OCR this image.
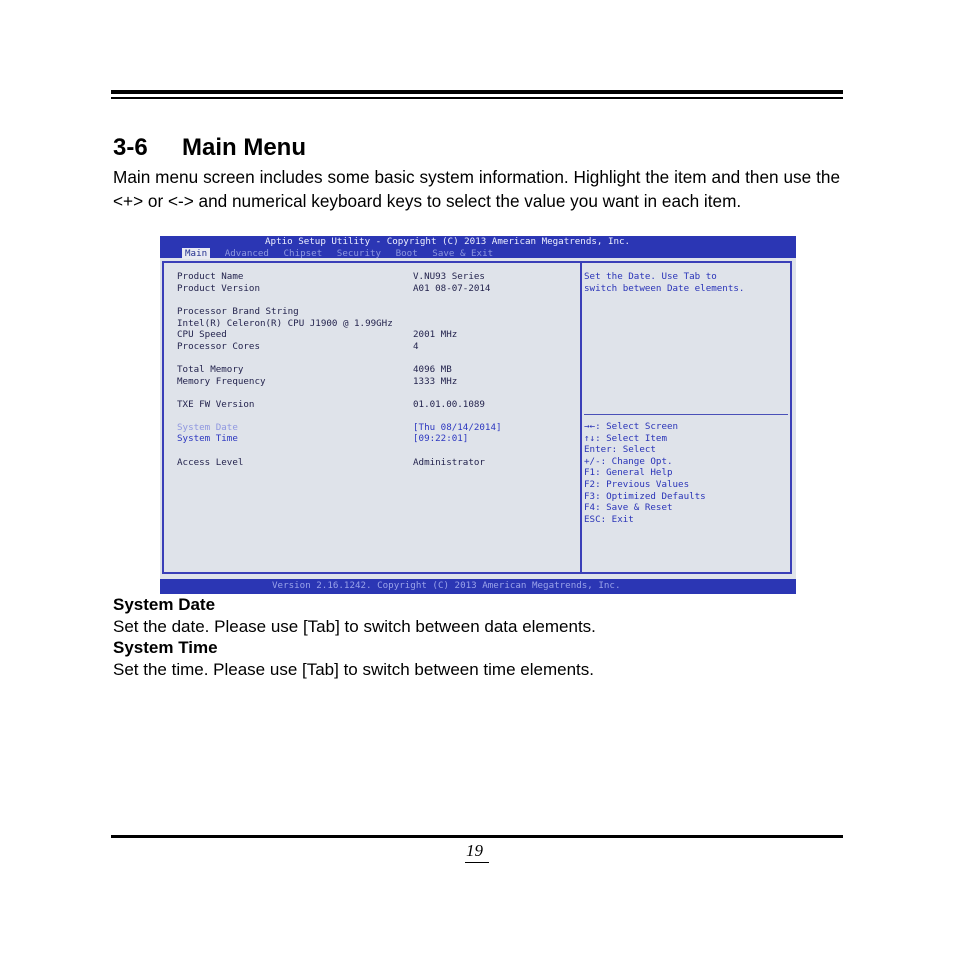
3-6 Main Menu
Main menu screen includes some basic system information. Highlight the item and then use the <+> or <-> and numerical keyboard keys to select the value you want in each item.
Aptio Setup Utility - Copyright (C) 2013 American Megatrends, Inc.
Main Advanced Chipset Security Boot Save & Exit
Product Name	V.NU93 Series
Product Version	A01 08-07-2014
Processor Brand String
Intel(R) Celeron(R) CPU J1900 @ 1.99GHz
CPU Speed	2001 MHz
Processor Cores	4
Total Memory	4096 MB
Memory Frequency	1333 MHz
TXE FW Version	01.01.00.1089
System Date	[Thu 08/14/2014]
System Time	[09:22:01]
Access Level	Administrator
Set the Date. Use Tab to
switch between Date elements.
→←: Select Screen
↑↓: Select Item
Enter: Select
+/-: Change Opt.
F1: General Help
F2: Previous Values
F3: Optimized Defaults
F4: Save & Reset
ESC: Exit
Version 2.16.1242. Copyright (C) 2013 American Megatrends, Inc.
System Date
Set the date. Please use [Tab] to switch between data elements.
System Time
Set the time. Please use [Tab] to switch between time elements.
19
